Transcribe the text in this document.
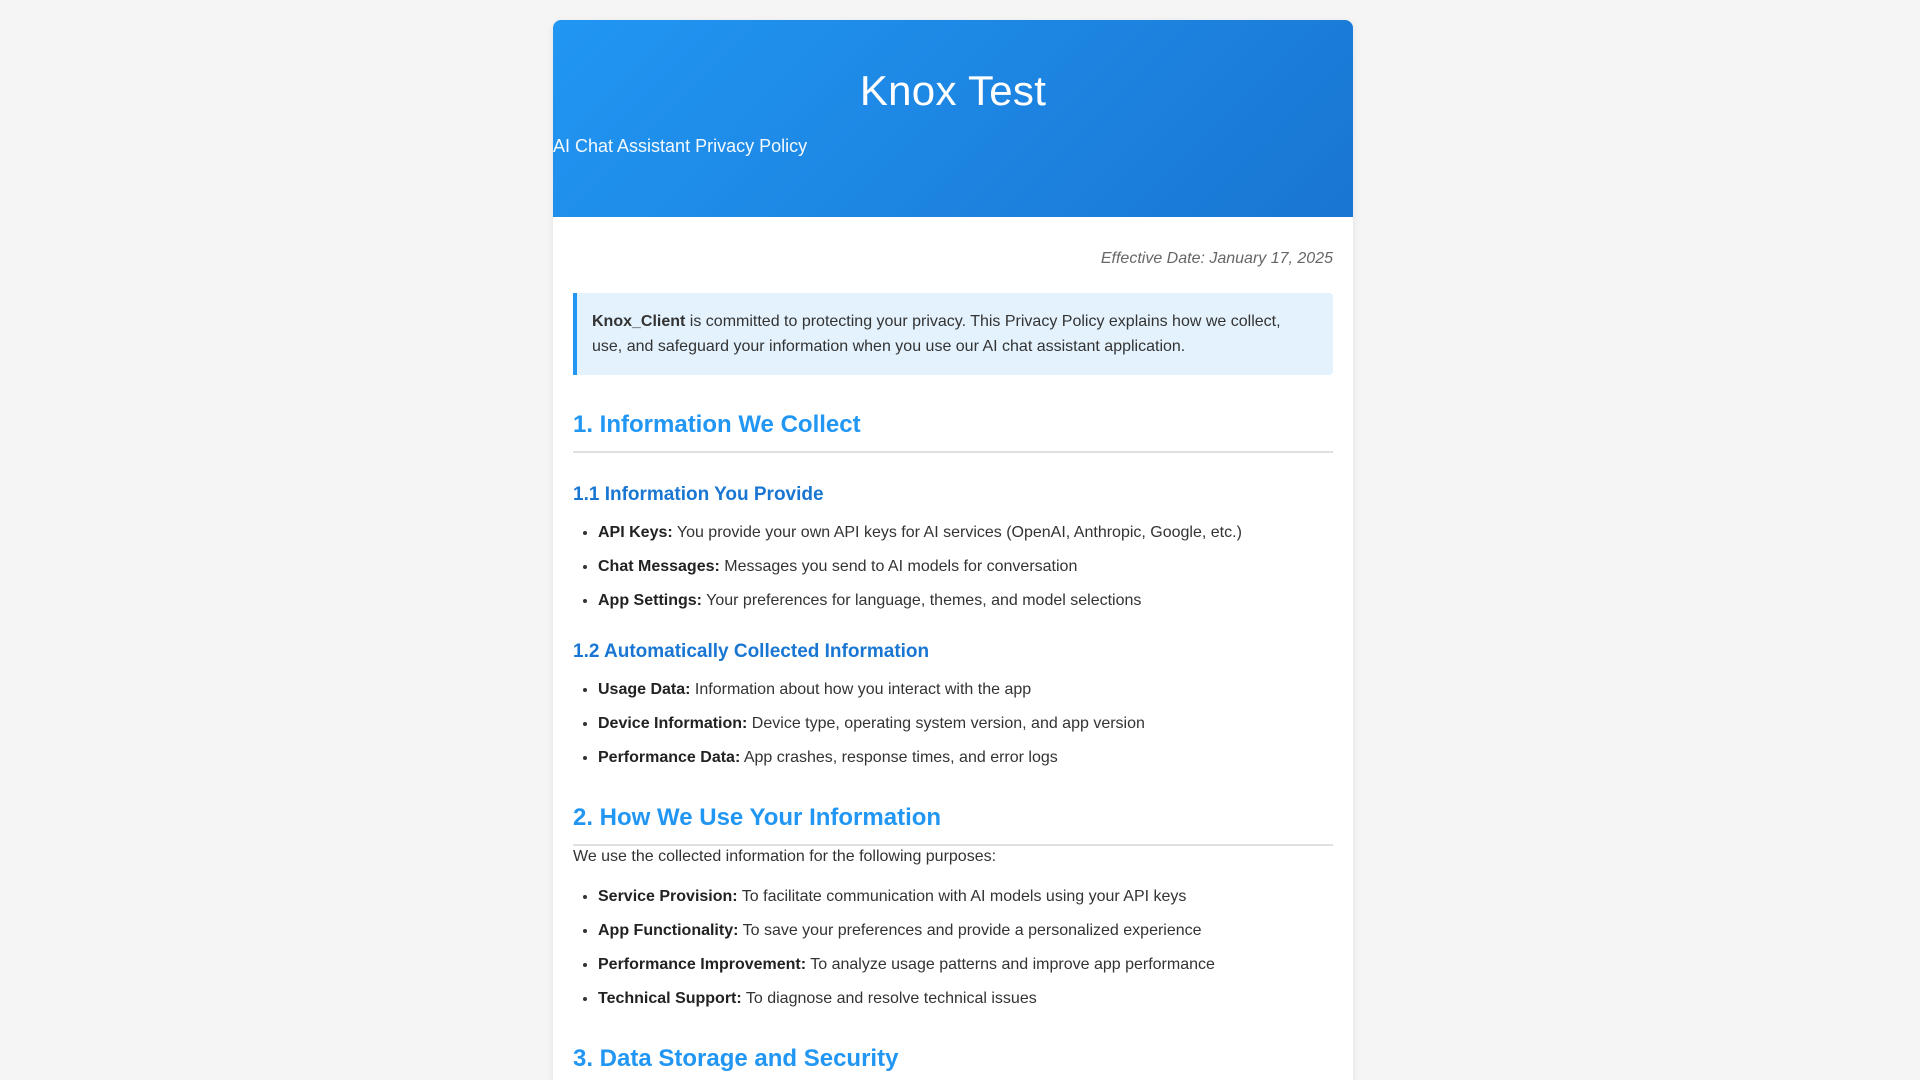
Knox Test

AI Chat Assistant Privacy Policy

Effective Date: January 17, 2025

Knox_Client is committed to protecting your privacy. This Privacy Policy explains how we collect, use, and safeguard your information when you use our AI chat assistant application.
1. Information We Collect
1.1 Information You Provide
• API Keys: You provide your own API keys for AI services (OpenAI, Anthropic, Google, etc.)
• Chat Messages: Messages you send to AI models for conversation
• App Settings: Your preferences for language, themes, and model selections
1.2 Automatically Collected Information
• Usage Data: Information about how you interact with the app
• Device Information: Device type, operating system version, and app version
• Performance Data: App crashes, response times, and error logs
2. How We Use Your Information

We use the collected information for the following purposes:

• Service Provision: To facilitate communication with AI models using your API keys
• App Functionality: To save your preferences and provide a personalized experience
• Performance Improvement: To analyze usage patterns and improve app performance
• Technical Support: To diagnose and resolve technical issues
3. Data Storage and Security
